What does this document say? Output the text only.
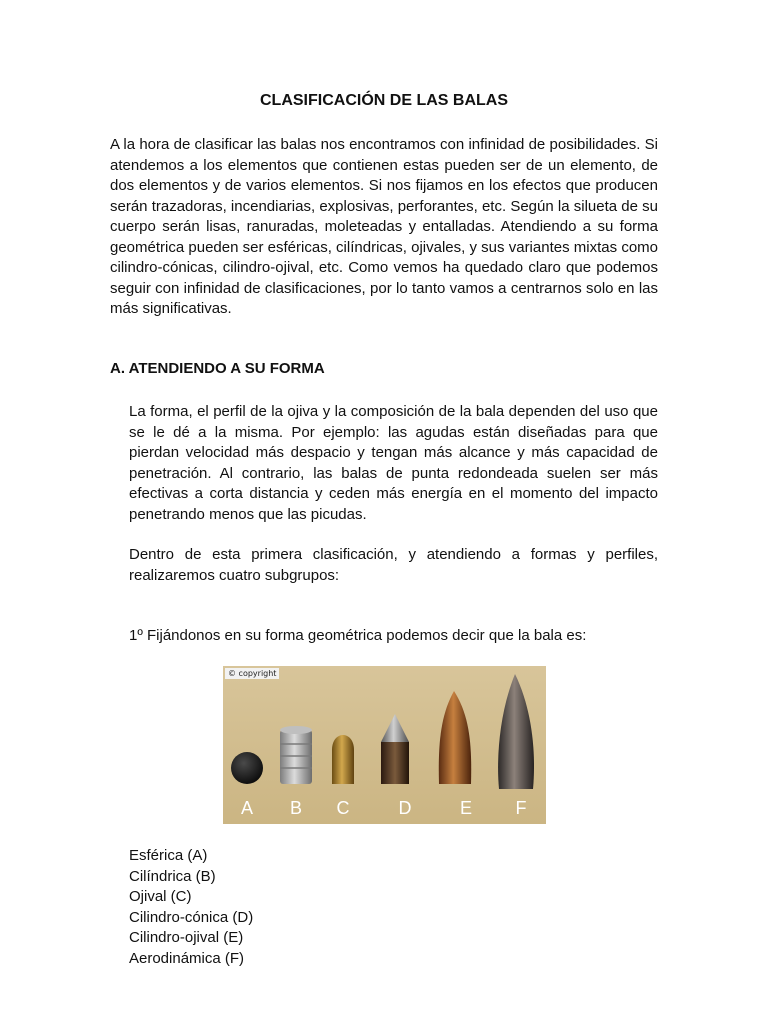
CLASIFICACIÓN DE LAS BALAS

A la hora de clasificar las balas nos encontramos con infinidad de posibilidades. Si atendemos a los elementos que contienen estas pueden ser de un elemento, de dos elementos y de varios elementos. Si nos fijamos en los efectos que producen serán trazadoras, incendiarias, explosivas, perforantes, etc. Según la silueta de su cuerpo serán lisas, ranuradas, moleteadas y entalladas. Atendiendo a su forma geométrica pueden ser esféricas, cilíndricas, ojivales, y sus variantes mixtas como cilindro-cónicas, cilindro-ojival, etc. Como vemos ha quedado claro que podemos seguir con infinidad de clasificaciones, por lo tanto vamos a centrarnos solo en las más significativas.

A. ATENDIENDO A SU FORMA

La forma, el perfil de la ojiva y la composición de la bala dependen del uso que se le dé a la misma. Por ejemplo: las agudas están diseñadas para que pierdan velocidad más despacio y tengan más alcance y más capacidad de penetración. Al contrario, las balas de punta redondeada suelen ser más efectivas a corta distancia y ceden más energía en el momento del impacto penetrando menos que las picudas.

Dentro de esta primera clasificación, y atendiendo a formas y perfiles, realizaremos cuatro subgrupos:

1º Fijándonos en su forma geométrica podemos decir que la bala es:

© copyright
A	B	C	D	E	F
Esférica (A)
Cilíndrica (B)
Ojival (C)
Cilindro-cónica (D)
Cilindro-ojival (E)
Aerodinámica (F)
